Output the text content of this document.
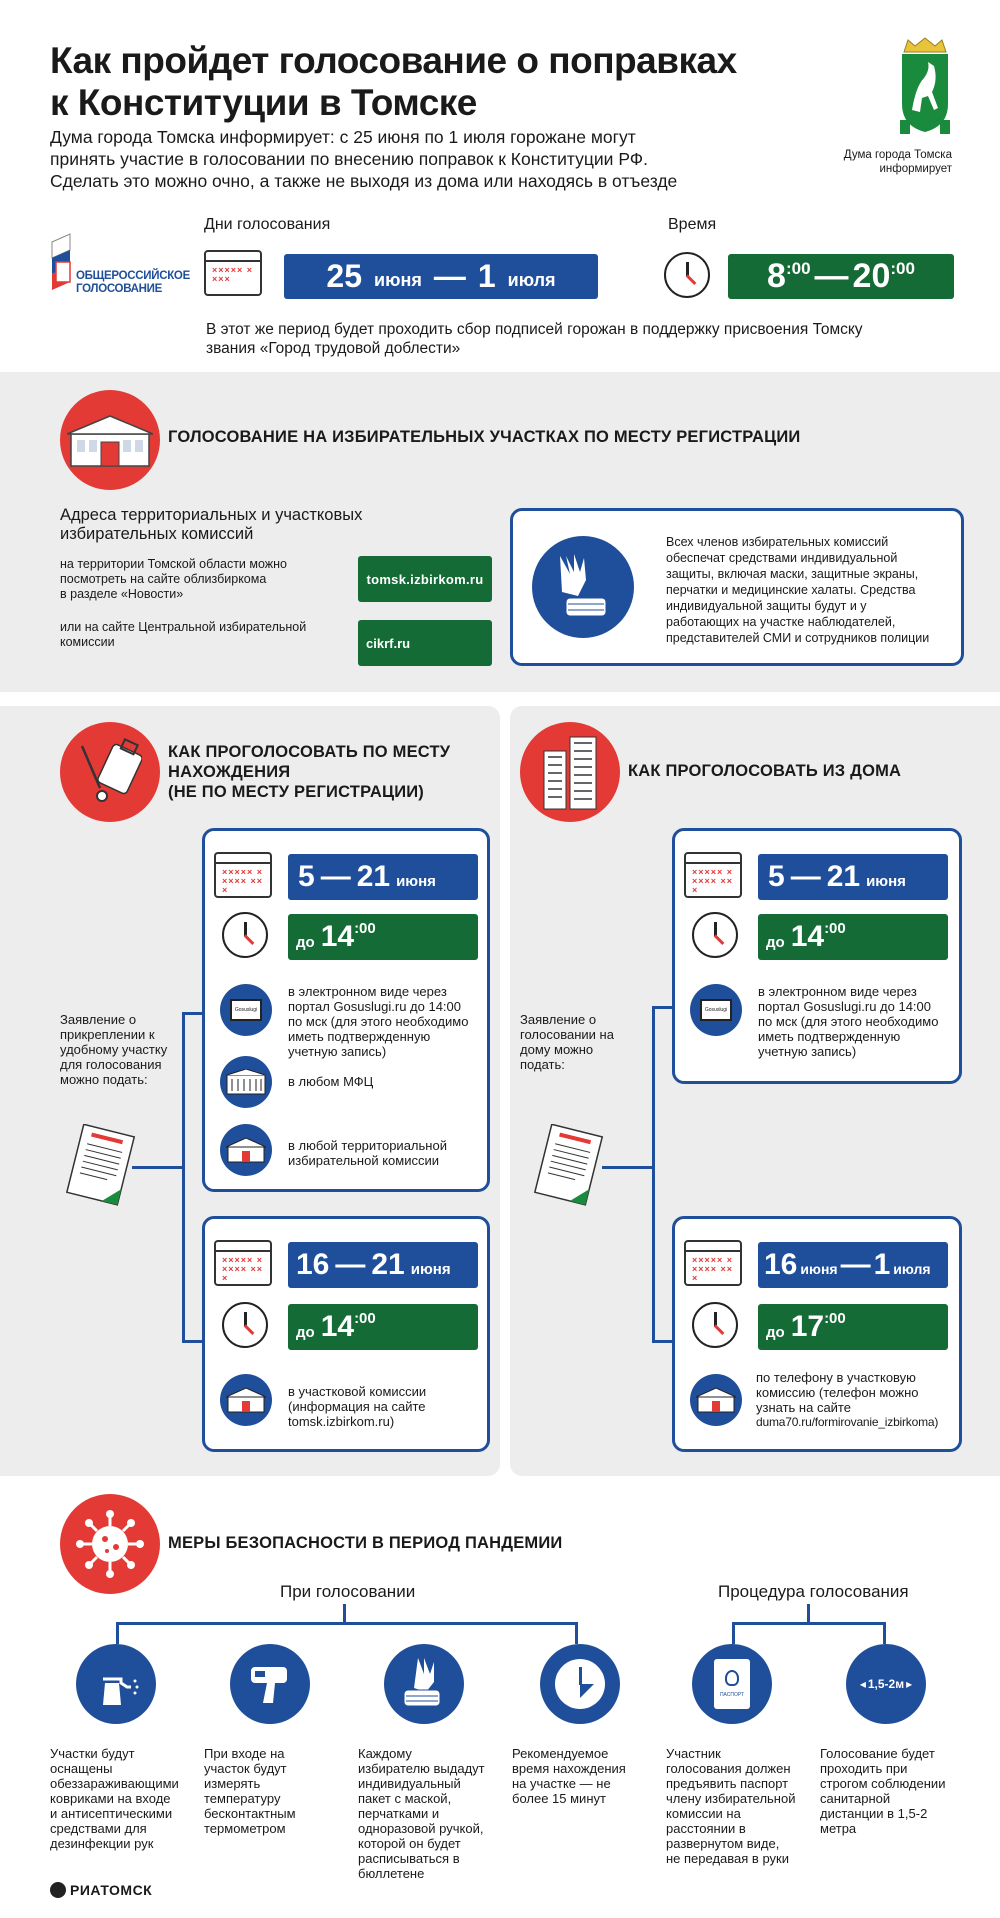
Как пройдет голосование о поправках
к Конституции в Томске
Дума города Томска информирует: с 25 июня по 1 июля горожане могут
принять участие в голосовании по внесению поправок к Конституции РФ.
Сделать это можно очно, а также не выходя из дома или находясь в отъезде
Дума города Томска
информирует
ОБЩЕРОССИЙСКОЕ
ГОЛОСОВАНИЕ
Дни голосования
××××× ××××	25 июня — 1 июля
Время
8 :00 — 20 :00
В этот же период будет проходить сбор подписей горожан в поддержку присвоения Томску
звания «Город трудовой доблести»
ГОЛОСОВАНИЕ НА ИЗБИРАТЕЛЬНЫХ УЧАСТКАХ ПО МЕСТУ РЕГИСТРАЦИИ
Адреса территориальных и участковых
избирательных комиссий
на территории Томской области можно
посмотреть на сайте облизбиркома
в разделе «Новости»
tomsk.izbirkom.ru
или на сайте Центральной избирательной
комиссии	cikrf.ru
Всех членов избирательных комиссий
обеспечат средствами индивидуальной
защиты, включая маски, защитные экраны,
перчатки и медицинские халаты. Средства
индивидуальной защиты будут и у
работающих на участке наблюдателей,
представителей СМИ и сотрудников полиции
КАК ПРОГОЛОСОВАТЬ ПО МЕСТУ
НАХОЖДЕНИЯ
(НЕ ПО МЕСТУ РЕГИСТРАЦИИ)
Заявление о
прикреплении к
удобному участку
для голосования
можно подать:
××××× ××××× ×××	5 — 21 июня
до 14 :00
Gosuslugi
в электронном виде через
портал Gosuslugi.ru до 14:00
по мск (для этого необходимо
иметь подтвержденную
учетную запись)
в любом МФЦ
в любой территориальной
избирательной комиссии
××××× ××××× ×××	16 — 21 июня
до 14 :00
в участковой комиссии
(информация на сайте
tomsk.izbirkom.ru)
КАК ПРОГОЛОСОВАТЬ ИЗ ДОМА
Заявление о
голосовании на
дому можно
подать:
××××× ××××× ×××	5 — 21 июня
до 14 :00
Gosuslugi
в электронном виде через
портал Gosuslugi.ru до 14:00
по мск (для этого необходимо
иметь подтвержденную
учетную запись)
××××× ××××× ×××	16 июня — 1 июля
до 17 :00
по телефону в участковую
комиссию (телефон можно
узнать на сайте
duma70.ru/formirovanie_izbirkoma)
МЕРЫ БЕЗОПАСНОСТИ В ПЕРИОД ПАНДЕМИИ
При голосовании	Процедура голосования
ПАСПОРТ
◂ 1,5-2м ▸
Участки будут
оснащены
обеззараживающими
ковриками на входе
и антисептическими
средствами для
дезинфекции рук
При входе на
участок будут
измерять
температуру
бесконтактным
термометром
Каждому
избирателю выдадут
индивидуальный
пакет с маской,
перчатками и
одноразовой ручкой,
которой он будет
расписываться в
бюллетене
Рекомендуемое
время нахождения
на участке — не
более 15 минут
Участник
голосования должен
предъявить паспорт
члену избирательной
комиссии на
расстоянии в
развернутом виде,
не передавая в руки
Голосование будет
проходить при
строгом соблюдении
санитарной
дистанции в 1,5-2
метра
РИАТОМСК
